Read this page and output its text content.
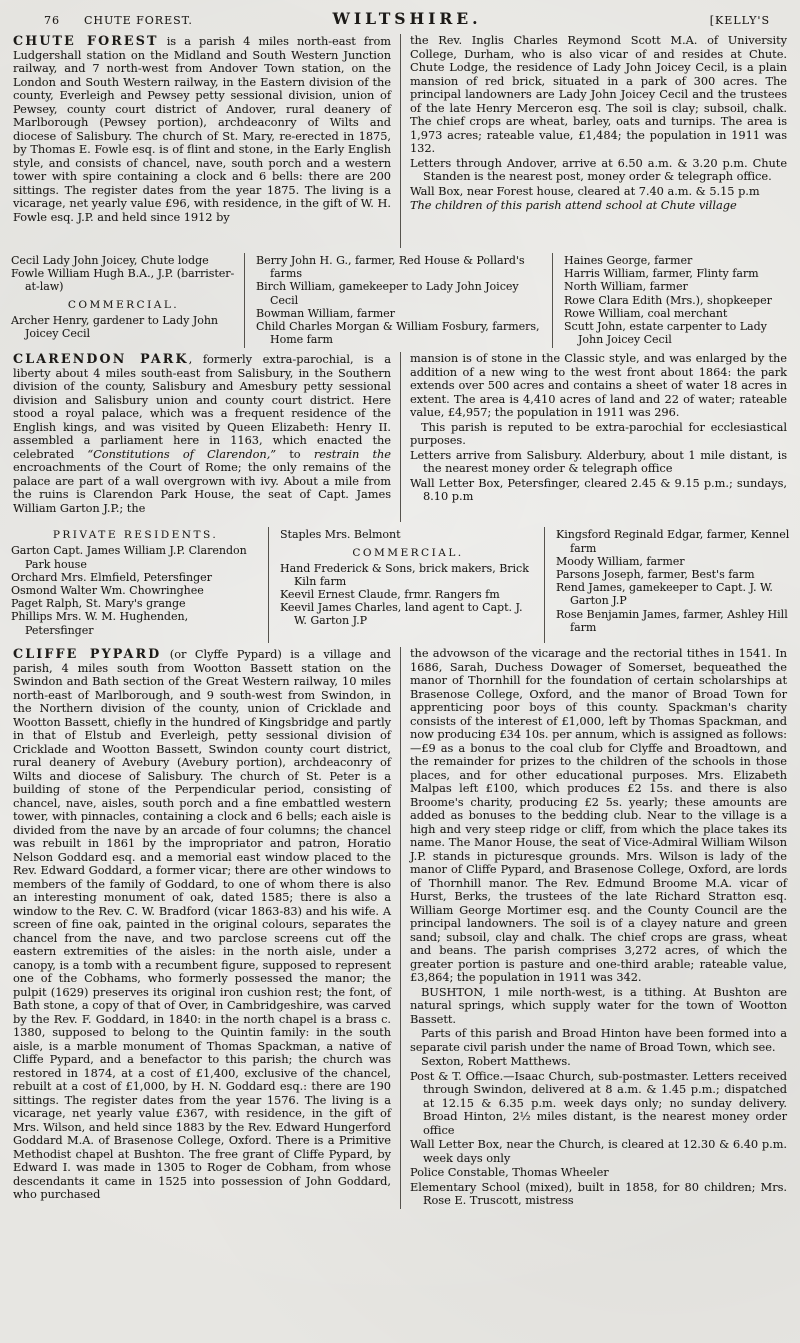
76 CHUTE FOREST.	WILTSHIRE.	[KELLY'S

CHUTE FOREST is a parish 4 miles north-east from Ludgershall station on the Midland and South Western Junction railway, and 7 north-west from Andover Town station, on the London and South Western railway, in the Eastern division of the county, Everleigh and Pewsey petty sessional division, union of Pewsey, county court district of Andover, rural deanery of Marlborough (Pewsey portion), archdeaconry of Wilts and diocese of Salisbury. The church of St. Mary, re-erected in 1875, by Thomas E. Fowle esq. is of flint and stone, in the Early English style, and consists of chancel, nave, south porch and a western tower with spire containing a clock and 6 bells: there are 200 sittings. The register dates from the year 1875. The living is a vicarage, net yearly value £96, with residence, in the gift of W. H. Fowle esq. J.P. and held since 1912 by

the Rev. Inglis Charles Reymond Scott M.A. of University College, Durham, who is also vicar of and resides at Chute. Chute Lodge, the residence of Lady John Joicey Cecil, is a plain mansion of red brick, situated in a park of 300 acres. The principal landowners are Lady John Joicey Cecil and the trustees of the late Henry Merceron esq. The soil is clay; subsoil, chalk. The chief crops are wheat, barley, oats and turnips. The area is 1,973 acres; rateable value, £1,484; the population in 1911 was 132.

Letters through Andover, arrive at 6.50 a.m. & 3.20 p.m. Chute Standen is the nearest post, money order & telegraph office.

Wall Box, near Forest house, cleared at 7.40 a.m. & 5.15 p.m

The children of this parish attend school at Chute village

Cecil Lady John Joicey, Chute lodge

Fowle William Hugh B.A., J.P. (barrister-at-law)

COMMERCIAL.

Archer Henry, gardener to Lady John Joicey Cecil

Berry John H. G., farmer, Red House & Pollard's farms

Birch William, gamekeeper to Lady John Joicey Cecil

Bowman William, farmer

Child Charles Morgan & William Fosbury, farmers, Home farm

Haines George, farmer

Harris William, farmer, Flinty farm

North William, farmer

Rowe Clara Edith (Mrs.), shopkeeper

Rowe William, coal merchant

Scutt John, estate carpenter to Lady John Joicey Cecil

CLARENDON PARK, formerly extra-parochial, is a liberty about 4 miles south-east from Salisbury, in the Southern division of the county, Salisbury and Amesbury petty sessional division and Salisbury union and county court district. Here stood a royal palace, which was a frequent residence of the English kings, and was visited by Queen Elizabeth: Henry II. assembled a parliament here in 1163, which enacted the celebrated “Constitutions of Clarendon,” to restrain the encroachments of the Court of Rome; the only remains of the palace are part of a wall overgrown with ivy. About a mile from the ruins is Clarendon Park House, the seat of Capt. James William Garton J.P.; the

mansion is of stone in the Classic style, and was enlarged by the addition of a new wing to the west front about 1864: the park extends over 500 acres and contains a sheet of water 18 acres in extent. The area is 4,410 acres of land and 22 of water; rateable value, £4,957; the population in 1911 was 296.

This parish is reputed to be extra-parochial for ecclesiastical purposes.

Letters arrive from Salisbury. Alderbury, about 1 mile distant, is the nearest money order & telegraph office

Wall Letter Box, Petersfinger, cleared 2.45 & 9.15 p.m.; sundays, 8.10 p.m

PRIVATE RESIDENTS.

Garton Capt. James William J.P. Clarendon Park house

Orchard Mrs. Elmfield, Petersfinger

Osmond Walter Wm. Chowringhee

Paget Ralph, St. Mary's grange

Phillips Mrs. W. M. Hughenden, Petersfinger

Staples Mrs. Belmont

COMMERCIAL.

Hand Frederick & Sons, brick makers, Brick Kiln farm

Keevil Ernest Claude, frmr. Rangers fm

Keevil James Charles, land agent to Capt. J. W. Garton J.P

Kingsford Reginald Edgar, farmer, Kennel farm

Moody William, farmer

Parsons Joseph, farmer, Best's farm

Rend James, gamekeeper to Capt. J. W. Garton J.P

Rose Benjamin James, farmer, Ashley Hill farm

CLIFFE PYPARD (or Clyffe Pypard) is a village and parish, 4 miles south from Wootton Bassett station on the Swindon and Bath section of the Great Western railway, 10 miles north-east of Marlborough, and 9 south-west from Swindon, in the Northern division of the county, union of Cricklade and Wootton Bassett, chiefly in the hundred of Kingsbridge and partly in that of Elstub and Everleigh, petty sessional division of Cricklade and Wootton Bassett, Swindon county court district, rural deanery of Avebury (Avebury portion), archdeaconry of Wilts and diocese of Salisbury. The church of St. Peter is a building of stone of the Perpendicular period, consisting of chancel, nave, aisles, south porch and a fine embattled western tower, with pinnacles, containing a clock and 6 bells; each aisle is divided from the nave by an arcade of four columns; the chancel was rebuilt in 1861 by the impropriator and patron, Horatio Nelson Goddard esq. and a memorial east window placed to the Rev. Edward Goddard, a former vicar; there are other windows to members of the family of Goddard, to one of whom there is also an interesting monument of oak, dated 1585; there is also a window to the Rev. C. W. Bradford (vicar 1863-83) and his wife. A screen of fine oak, painted in the original colours, separates the chancel from the nave, and two parclose screens cut off the eastern extremities of the aisles: in the north aisle, under a canopy, is a tomb with a recumbent figure, supposed to represent one of the Cobhams, who formerly possessed the manor; the pulpit (1629) preserves its original iron cushion rest; the font, of Bath stone, a copy of that of Over, in Cambridgeshire, was carved by the Rev. F. Goddard, in 1840: in the north chapel is a brass c. 1380, supposed to belong to the Quintin family: in the south aisle, is a marble monument of Thomas Spackman, a native of Cliffe Pypard, and a benefactor to this parish; the church was restored in 1874, at a cost of £1,400, exclusive of the chancel, rebuilt at a cost of £1,000, by H. N. Goddard esq.: there are 190 sittings. The register dates from the year 1576. The living is a vicarage, net yearly value £367, with residence, in the gift of Mrs. Wilson, and held since 1883 by the Rev. Edward Hungerford Goddard M.A. of Brasenose College, Oxford. There is a Primitive Methodist chapel at Bushton. The free grant of Cliffe Pypard, by Edward I. was made in 1305 to Roger de Cobham, from whose descendants it came in 1525 into possession of John Goddard, who purchased

the advowson of the vicarage and the rectorial tithes in 1541. In 1686, Sarah, Duchess Dowager of Somerset, bequeathed the manor of Thornhill for the foundation of certain scholarships at Brasenose College, Oxford, and the manor of Broad Town for apprenticing poor boys of this county. Spackman's charity consists of the interest of £1,000, left by Thomas Spackman, and now producing £34 10s. per annum, which is assigned as follows:—£9 as a bonus to the coal club for Clyffe and Broadtown, and the remainder for prizes to the children of the schools in those places, and for other educational purposes. Mrs. Elizabeth Malpas left £100, which produces £2 15s. and there is also Broome's charity, producing £2 5s. yearly; these amounts are added as bonuses to the bedding club. Near to the village is a high and very steep ridge or cliff, from which the place takes its name. The Manor House, the seat of Vice-Admiral William Wilson J.P. stands in picturesque grounds. Mrs. Wilson is lady of the manor of Cliffe Pypard, and Brasenose College, Oxford, are lords of Thornhill manor. The Rev. Edmund Broome M.A. vicar of Hurst, Berks, the trustees of the late Richard Stratton esq. William George Mortimer esq. and the County Council are the principal landowners. The soil is of a clayey nature and green sand; subsoil, clay and chalk. The chief crops are grass, wheat and beans. The parish comprises 3,272 acres, of which the greater portion is pasture and one-third arable; rateable value, £3,864; the population in 1911 was 342.

BUSHTON, 1 mile north-west, is a tithing. At Bushton are natural springs, which supply water for the town of Wootton Bassett.

Parts of this parish and Broad Hinton have been formed into a separate civil parish under the name of Broad Town, which see.

Sexton, Robert Matthews.

Post & T. Office.—Isaac Church, sub-postmaster. Letters received through Swindon, delivered at 8 a.m. & 1.45 p.m.; dispatched at 12.15 & 6.35 p.m. week days only; no sunday delivery. Broad Hinton, 2½ miles distant, is the nearest money order office

Wall Letter Box, near the Church, is cleared at 12.30 & 6.40 p.m. week days only

Police Constable, Thomas Wheeler

Elementary School (mixed), built in 1858, for 80 children; Mrs. Rose E. Truscott, mistress
